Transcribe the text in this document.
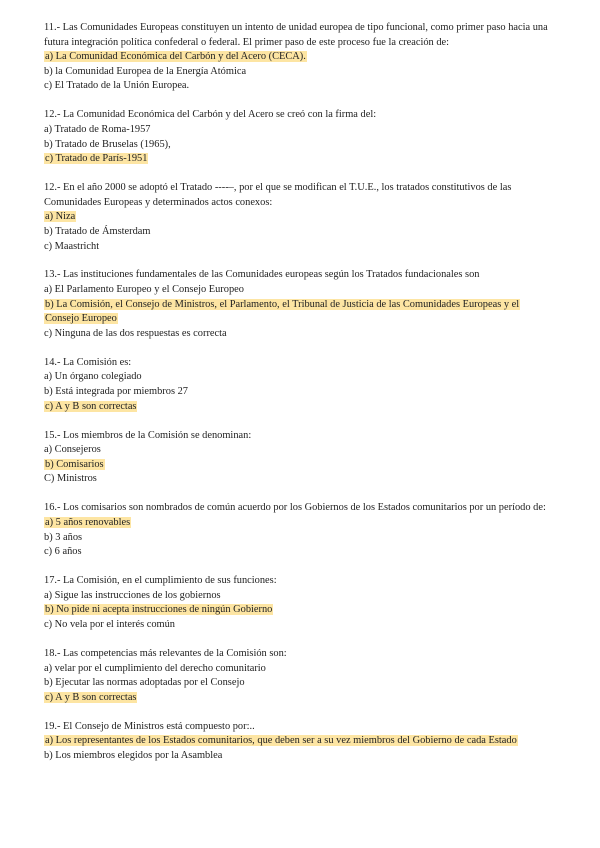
11.- Las Comunidades Europeas constituyen un intento de unidad europea de tipo funcional, como primer paso hacia una futura integración política confederal o federal. El primer paso de este proceso fue la creación de:

a) La Comunidad Económica del Carbón y del Acero (CECA).

b) la Comunidad Europea de la Energía Atómica

c) El Tratado de la Unión Europea.

12.- La Comunidad Económica del Carbón y del Acero se creó con la firma del:

a) Tratado de Roma-1957

b) Tratado de Bruselas (1965),

c) Tratado de París-1951

12.- En el año 2000 se adoptó el Tratado ----–, por el que se modifican el T.U.E., los tratados constitutivos de las Comunidades Europeas y determinados actos conexos:

a) Niza

b) Tratado de Ámsterdam

c) Maastricht

13.- Las instituciones fundamentales de las Comunidades europeas según los Tratados fundacionales son

a) El Parlamento Europeo y el Consejo Europeo

b) La Comisión, el Consejo de Ministros, el Parlamento, el Tribunal de Justicia de las Comunidades Europeas y el Consejo Europeo

c) Ninguna de las dos respuestas es correcta

14.- La Comisión es:

a) Un órgano colegiado

b) Está integrada por miembros 27

c) A y B son correctas

15.- Los miembros de la Comisión se denominan:

a) Consejeros

b) Comisarios

C) Ministros

16.- Los comisarios son nombrados de común acuerdo por los Gobiernos de los Estados comunitarios por un período de:

a) 5 años renovables

b) 3 años

c) 6 años

17.- La Comisión, en el cumplimiento de sus funciones:

a) Sigue las instrucciones de los gobiernos

b) No pide ni acepta instrucciones de ningún Gobierno

c) No vela por el interés común

18.- Las competencias más relevantes de la Comisión son:

a) velar por el cumplimiento del derecho comunitario

b) Ejecutar las normas adoptadas por el Consejo

c) A y B son correctas

19.- El Consejo de Ministros está compuesto por:..

a) Los representantes de los Estados comunitarios, que deben ser a su vez miembros del Gobierno de cada Estado

b) Los miembros elegidos por la Asamblea
